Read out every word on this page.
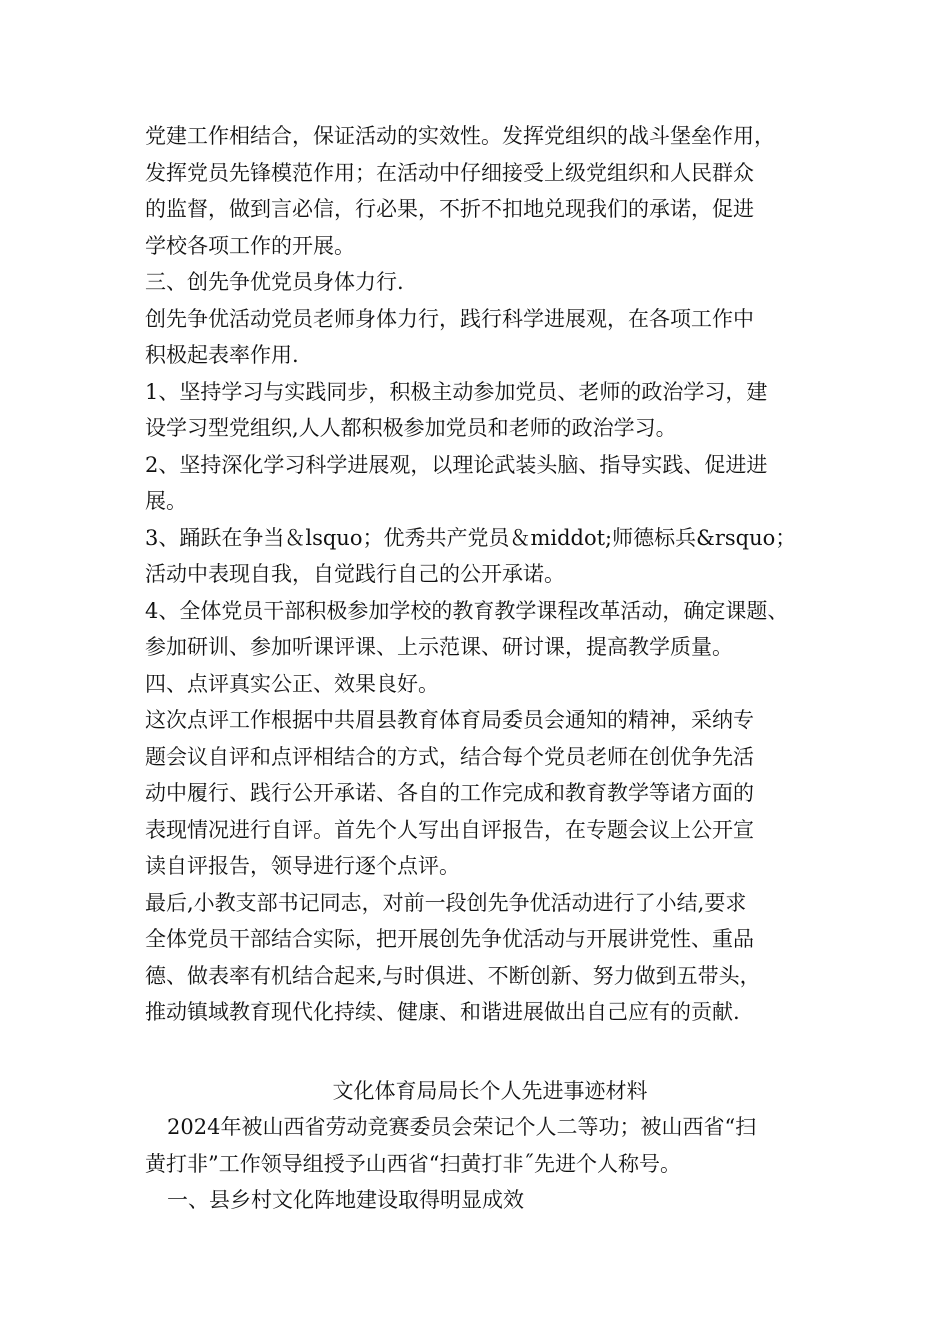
党建工作相结合，保证活动的实效性。发挥党组织的战斗堡垒作用，
发挥党员先锋模范作用；在活动中仔细接受上级党组织和人民群众
的监督，做到言必信，行必果，不折不扣地兑现我们的承诺，促进
学校各项工作的开展。
三、创先争优党员身体力行.
创先争优活动党员老师身体力行，践行科学进展观，在各项工作中
积极起表率作用.
1、坚持学习与实践同步，积极主动参加党员、老师的政治学习，建
设学习型党组织,人人都积极参加党员和老师的政治学习。
2、坚持深化学习科学进展观，以理论武装头脑、指导实践、促进进
展。
3、踊跃在争当＆lsquo；优秀共产党员＆middot;师德标兵&rsquo；
活动中表现自我，自觉践行自己的公开承诺。
4、全体党员干部积极参加学校的教育教学课程改革活动，确定课题、
参加研训、参加听课评课、上示范课、研讨课，提高教学质量。
四、点评真实公正、效果良好。
这次点评工作根据中共眉县教育体育局委员会通知的精神，采纳专
题会议自评和点评相结合的方式，结合每个党员老师在创优争先活
动中履行、践行公开承诺、各自的工作完成和教育教学等诸方面的
表现情况进行自评。首先个人写出自评报告，在专题会议上公开宣
读自评报告，领导进行逐个点评。
最后,小教支部书记同志，对前一段创先争优活动进行了小结,要求
全体党员干部结合实际，把开展创先争优活动与开展讲党性、重品
德、做表率有机结合起来,与时俱进、不断创新、努力做到五带头，
推动镇域教育现代化持续、健康、和谐进展做出自己应有的贡献.
文化体育局局长个人先进事迹材料
2024年被山西省劳动竞赛委员会荣记个人二等功；被山西省“扫
黄打非”工作领导组授予山西省“扫黄打非˝先进个人称号。
一、县乡村文化阵地建设取得明显成效
